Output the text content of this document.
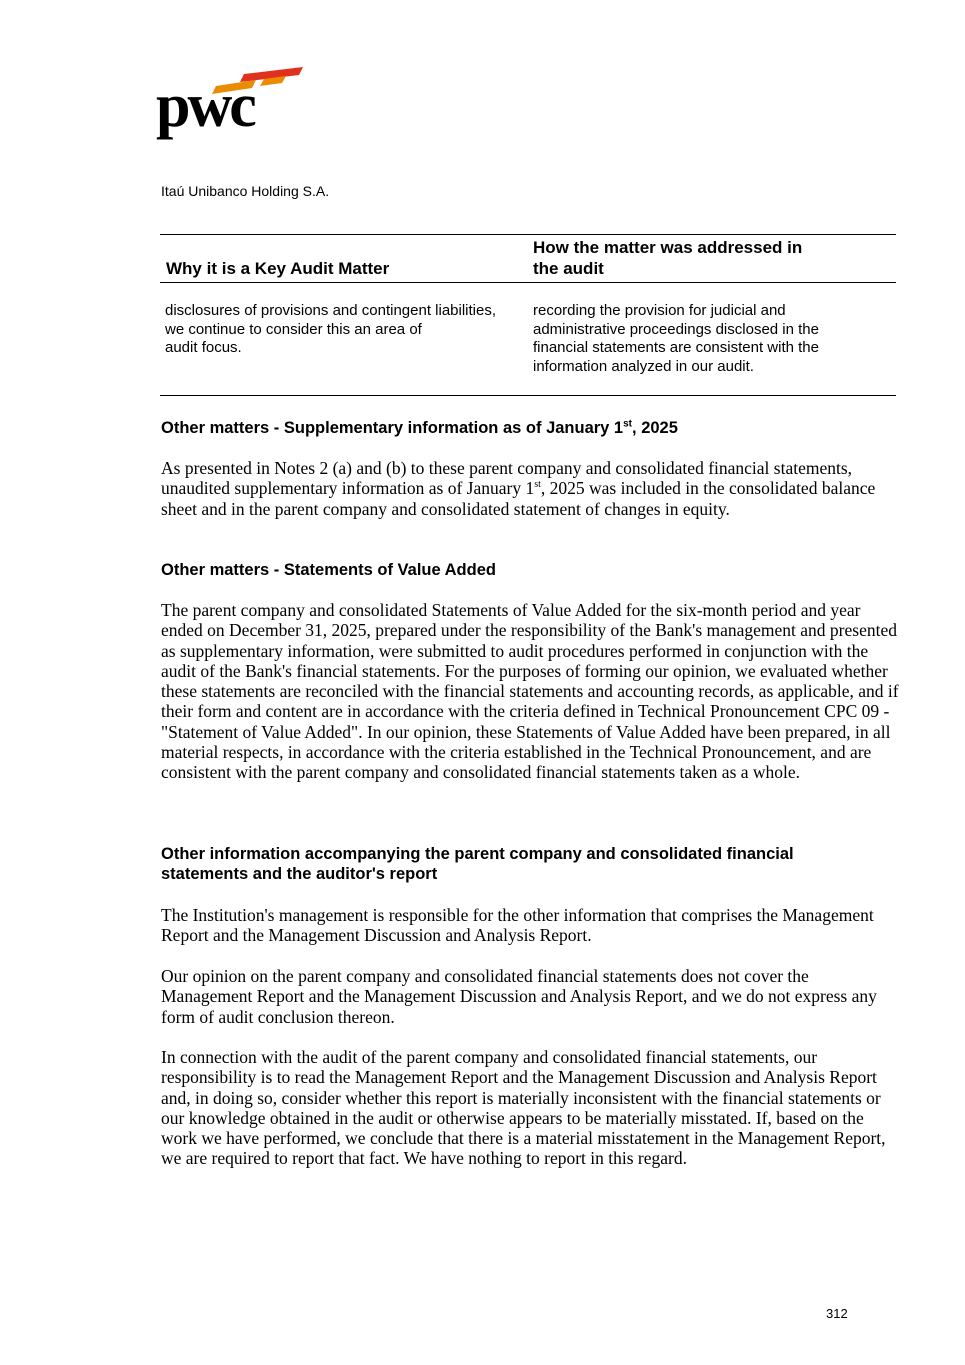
pwc
Itaú Unibanco Holding S.A.
Why it is a Key Audit Matter
How the matter was addressed in
the audit
disclosures of provisions and contingent liabilities,
we continue to consider this an area of
audit focus.
recording the provision for judicial and
administrative proceedings disclosed in the
financial statements are consistent with the
information analyzed in our audit.
Other matters - Supplementary information as of January 1st, 2025
As presented in Notes 2 (a) and (b) to these parent company and consolidated financial statements, unaudited supplementary information as of January 1st, 2025 was included in the consolidated balance sheet and in the parent company and consolidated statement of changes in equity.
Other matters - Statements of Value Added
The parent company and consolidated Statements of Value Added for the six-month period and year ended on December 31, 2025, prepared under the responsibility of the Bank's management and presented as supplementary information, were submitted to audit procedures performed in conjunction with the audit of the Bank's financial statements. For the purposes of forming our opinion, we evaluated whether these statements are reconciled with the financial statements and accounting records, as applicable, and if their form and content are in accordance with the criteria defined in Technical Pronouncement CPC 09 - "Statement of Value Added". In our opinion, these Statements of Value Added have been prepared, in all material respects, in accordance with the criteria established in the Technical Pronouncement, and are consistent with the parent company and consolidated financial statements taken as a whole.
Other information accompanying the parent company and consolidated financial
statements and the auditor's report
The Institution's management is responsible for the other information that comprises the Management Report and the Management Discussion and Analysis Report.
Our opinion on the parent company and consolidated financial statements does not cover the Management Report and the Management Discussion and Analysis Report, and we do not express any form of audit conclusion thereon.
In connection with the audit of the parent company and consolidated financial statements, our responsibility is to read the Management Report and the Management Discussion and Analysis Report and, in doing so, consider whether this report is materially inconsistent with the financial statements or our knowledge obtained in the audit or otherwise appears to be materially misstated. If, based on the work we have performed, we conclude that there is a material misstatement in the Management Report, we are required to report that fact. We have nothing to report in this regard.
312
